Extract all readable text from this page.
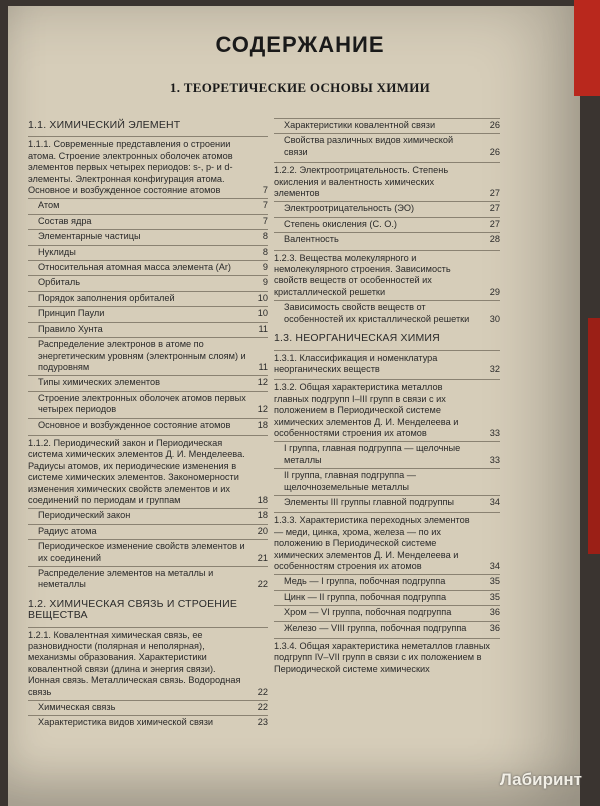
СОДЕРЖАНИЕ
1. ТЕОРЕТИЧЕСКИЕ ОСНОВЫ ХИМИИ
1.1. ХИМИЧЕСКИЙ ЭЛЕМЕНТ
1.1.1. Современные представления о строении атома. Строение электронных оболочек атомов элементов первых четырех периодов: s-, p- и d-элементы. Электронная конфигурация атома. Основное и возбужденное состояние атомов	7
Атом	7
Состав ядра	7
Элементарные частицы	8
Нуклиды	8
Относительная атомная масса элемента (Ar)	9
Орбиталь	9
Порядок заполнения орбиталей	10
Принцип Паули	10
Правило Хунта	11
Распределение электронов в атоме по энергетическим уровням (электронным слоям) и подуровням	11
Типы химических элементов	12
Строение электронных оболочек атомов первых четырех периодов	12
Основное и возбужденное состояние атомов	18
1.1.2. Периодический закон и Периодическая система химических элементов Д. И. Менделеева. Радиусы атомов, их периодические изменения в системе химических элементов. Закономерности изменения химических свойств элементов и их соединений по периодам и группам	18
Периодический закон	18
Радиус атома	20
Периодическое изменение свойств элементов и их соединений	21
Распределение элементов на металлы и неметаллы	22
1.2. ХИМИЧЕСКАЯ СВЯЗЬ И СТРОЕНИЕ ВЕЩЕСТВА
1.2.1. Ковалентная химическая связь, ее разновидности (полярная и неполярная), механизмы образования. Характеристики ковалентной связи (длина и энергия связи). Ионная связь. Металлическая связь. Водородная связь	22
Химическая связь	22
Характеристика видов химической связи	23
Характеристики ковалентной связи	26
Свойства различных видов химической связи	26
1.2.2. Электроотрицательность. Степень окисления и валентность химических элементов	27
Электроотрицательность (ЭО)	27
Степень окисления (С. О.)	27
Валентность	28
1.2.3. Вещества молекулярного и немолекулярного строения. Зависимость свойств веществ от особенностей их кристаллической решетки	29
Зависимость свойств веществ от особенностей их кристаллической решетки	30
1.3. НЕОРГАНИЧЕСКАЯ ХИМИЯ
1.3.1. Классификация и номенклатура неорганических веществ	32
1.3.2. Общая характеристика металлов главных подгрупп I–III групп в связи с их положением в Периодической системе химических элементов Д. И. Менделеева и особенностями строения их атомов	33
I группа, главная подгруппа — щелочные металлы	33
II группа, главная подгруппа — щелочноземельные металлы
Элементы III группы главной подгруппы	34
1.3.3. Характеристика переходных элементов — меди, цинка, хрома, железа — по их положению в Периодической системе химических элементов Д. И. Менделеева и особенностям строения их атомов	34
Медь — I группа, побочная подгруппа	35
Цинк — II группа, побочная подгруппа	35
Хром — VI группа, побочная подгруппа	36
Железо — VIII группа, побочная подгруппа	36
1.3.4. Общая характеристика неметаллов главных подгрупп IV–VII групп в связи с их положением в Периодической системе химических
Лабиринт
